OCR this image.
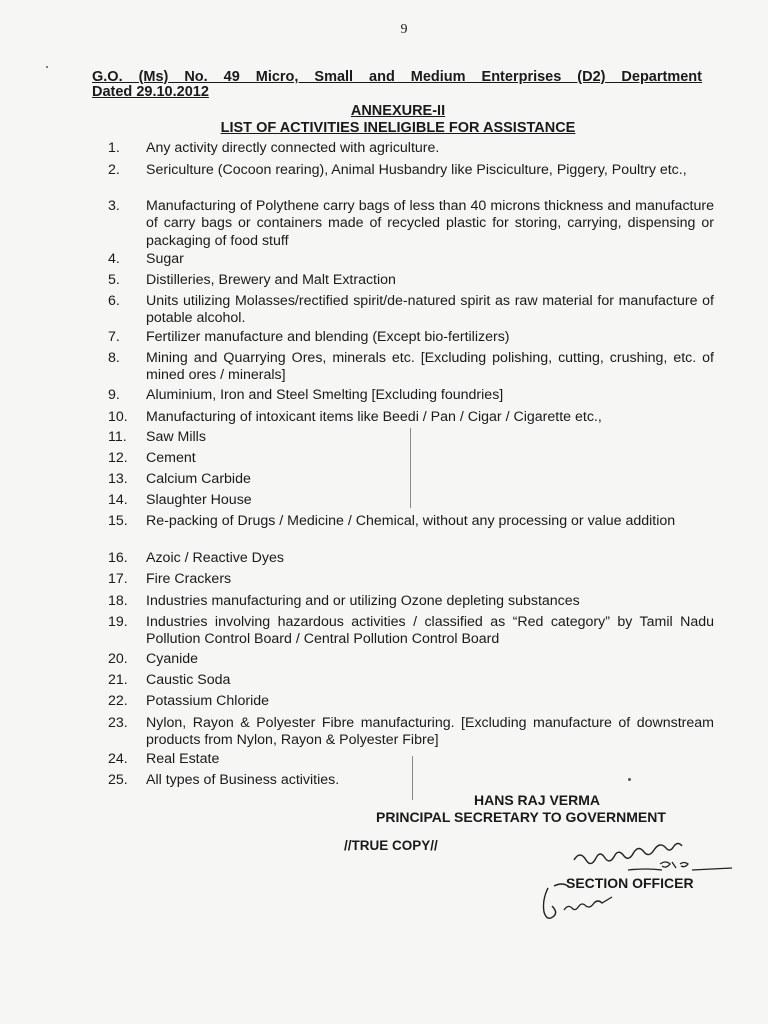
9
G.O. (Ms) No. 49 Micro, Small and Medium Enterprises (D2) Department
Dated 29.10.2012
ANNEXURE-II
LIST OF ACTIVITIES INELIGIBLE FOR ASSISTANCE
1.	Any activity directly connected with agriculture.
2.	Sericulture (Cocoon rearing), Animal Husbandry like Pisciculture, Piggery, Poultry etc.,
3.	Manufacturing of Polythene carry bags of less than 40 microns thickness and manufacture of carry bags or containers made of recycled plastic for storing, carrying, dispensing or packaging of food stuff
4.	Sugar
5.	Distilleries, Brewery and Malt Extraction
6.	Units utilizing Molasses/rectified spirit/de-natured spirit as raw material for manufacture of potable alcohol.
7.	Fertilizer manufacture and blending (Except bio-fertilizers)
8.	Mining and Quarrying Ores, minerals etc. [Excluding polishing, cutting, crushing, etc. of mined ores / minerals]
9.	Aluminium, Iron and Steel Smelting [Excluding foundries]
10.	Manufacturing of intoxicant items like Beedi / Pan / Cigar / Cigarette etc.,
11.	Saw Mills
12.	Cement
13.	Calcium Carbide
14.	Slaughter House
15.	Re-packing of Drugs / Medicine / Chemical, without any processing or value addition
16.	Azoic / Reactive Dyes
17.	Fire Crackers
18.	Industries manufacturing and or utilizing Ozone depleting substances
19.	Industries involving hazardous activities / classified as “Red category” by Tamil Nadu Pollution Control Board / Central Pollution Control Board
20.	Cyanide
21.	Caustic Soda
22.	Potassium Chloride
23.	Nylon, Rayon & Polyester Fibre manufacturing. [Excluding manufacture of downstream products from Nylon, Rayon & Polyester Fibre]
24.	Real Estate
25.	All types of Business activities.
HANS RAJ VERMA
PRINCIPAL SECRETARY TO GOVERNMENT
//TRUE COPY//
SECTION OFFICER
